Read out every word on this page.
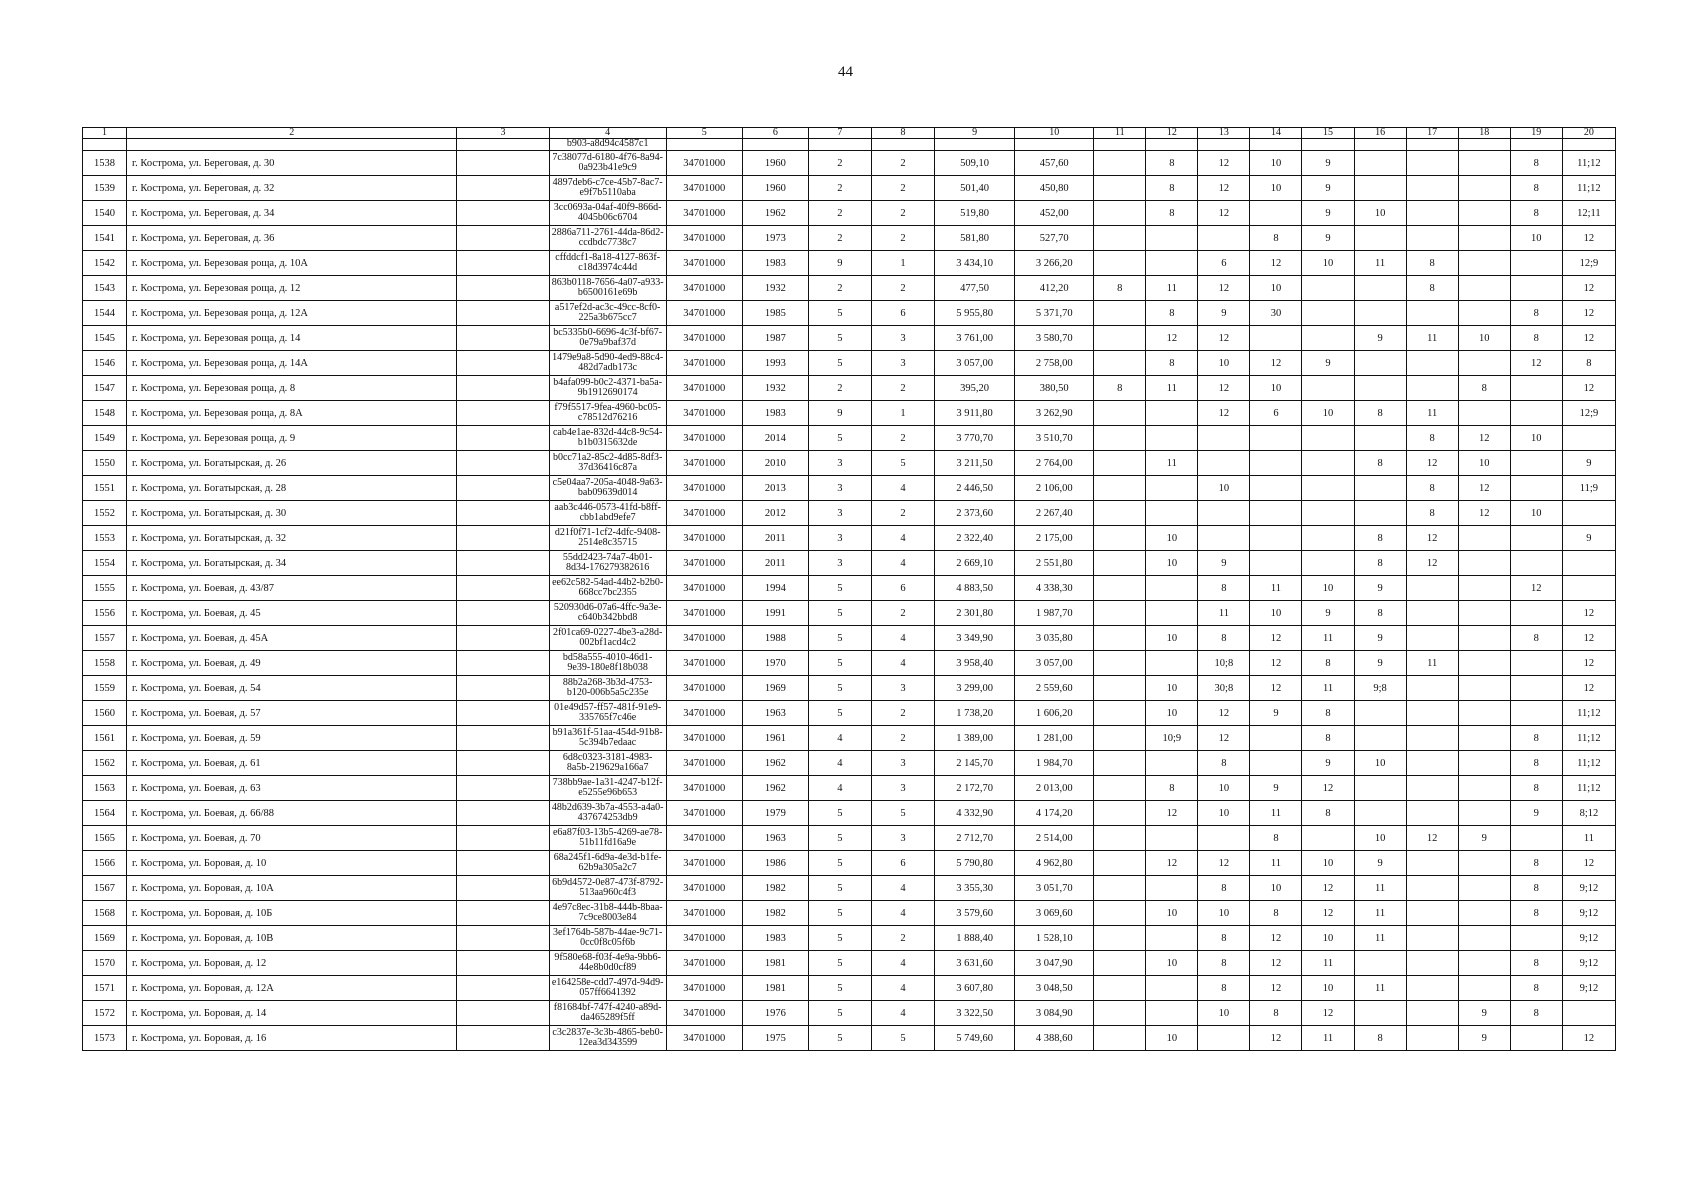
44
1	2	3	4	5	6	7	8	9	10	11	12	13	14	15	16	17	18	19	20
			b903-a8d94c4587c1																
1538	г. Кострома, ул. Береговая, д. 30		7c38077d-6180-4f76-8a94-0a923b41e9c9	34701000	1960	2	2	509,10	457,60		8	12	10	9				8	11;12
1539	г. Кострома, ул. Береговая, д. 32		4897deb6-c7ce-45b7-8ac7-e9f7b5110aba	34701000	1960	2	2	501,40	450,80		8	12	10	9				8	11;12
1540	г. Кострома, ул. Береговая, д. 34		3cc0693a-04af-40f9-866d-4045b06c6704	34701000	1962	2	2	519,80	452,00		8	12		9	10			8	12;11
1541	г. Кострома, ул. Береговая, д. 36		2886a711-2761-44da-86d2-ccdbdc7738c7	34701000	1973	2	2	581,80	527,70				8	9				10	12
1542	г. Кострома, ул. Березовая роща, д. 10А		cffddcf1-8a18-4127-863f-c18d3974c44d	34701000	1983	9	1	3 434,10	3 266,20			6	12	10	11	8			12;9
1543	г. Кострома, ул. Березовая роща, д. 12		863b0118-7656-4a07-a933-b6500161e69b	34701000	1932	2	2	477,50	412,20	8	11	12	10			8			12
1544	г. Кострома, ул. Березовая роща, д. 12А		a517ef2d-ac3c-49cc-8cf0-225a3b675cc7	34701000	1985	5	6	5 955,80	5 371,70		8	9	30					8	12
1545	г. Кострома, ул. Березовая роща, д. 14		bc5335b0-6696-4c3f-bf67-0e79a9baf37d	34701000	1987	5	3	3 761,00	3 580,70		12	12			9	11	10	8	12
1546	г. Кострома, ул. Березовая роща, д. 14А		1479e9a8-5d90-4ed9-88c4-482d7adb173c	34701000	1993	5	3	3 057,00	2 758,00		8	10	12	9				12	8
1547	г. Кострома, ул. Березовая роща, д. 8		b4afa099-b0c2-4371-ba5a-9b1912690174	34701000	1932	2	2	395,20	380,50	8	11	12	10				8		12
1548	г. Кострома, ул. Березовая роща, д. 8А		f79f5517-9fea-4960-bc05-c78512d76216	34701000	1983	9	1	3 911,80	3 262,90			12	6	10	8	11			12;9
1549	г. Кострома, ул. Березовая роща, д. 9		cab4e1ae-832d-44c8-9c54-b1b0315632de	34701000	2014	5	2	3 770,70	3 510,70							8	12	10	
1550	г. Кострома, ул. Богатырская, д. 26		b0cc71a2-85c2-4d85-8df3-37d36416c87a	34701000	2010	3	5	3 211,50	2 764,00		11				8	12	10		9
1551	г. Кострома, ул. Богатырская, д. 28		c5e04aa7-205a-4048-9a63-bab09639d014	34701000	2013	3	4	2 446,50	2 106,00			10				8	12		11;9
1552	г. Кострома, ул. Богатырская, д. 30		aab3c446-0573-41fd-b8ff-cbb1abd9efe7	34701000	2012	3	2	2 373,60	2 267,40							8	12	10	
1553	г. Кострома, ул. Богатырская, д. 32		d21f0f71-1cf2-4dfc-9408-2514e8c35715	34701000	2011	3	4	2 322,40	2 175,00		10				8	12			9
1554	г. Кострома, ул. Богатырская, д. 34		55dd2423-74a7-4b01-8d34-176279382616	34701000	2011	3	4	2 669,10	2 551,80		10	9			8	12			
1555	г. Кострома, ул. Боевая, д. 43/87		ee62c582-54ad-44b2-b2b0-668cc7bc2355	34701000	1994	5	6	4 883,50	4 338,30			8	11	10	9			12	
1556	г. Кострома, ул. Боевая, д. 45		520930d6-07a6-4ffc-9a3e-c640b342bbd8	34701000	1991	5	2	2 301,80	1 987,70			11	10	9	8				12
1557	г. Кострома, ул. Боевая, д. 45А		2f01ca69-0227-4be3-a28d-002bf1acd4c2	34701000	1988	5	4	3 349,90	3 035,80		10	8	12	11	9			8	12
1558	г. Кострома, ул. Боевая, д. 49		bd58a555-4010-46d1-9e39-180e8f18b038	34701000	1970	5	4	3 958,40	3 057,00			10;8	12	8	9	11			12
1559	г. Кострома, ул. Боевая, д. 54		88b2a268-3b3d-4753-b120-006b5a5c235e	34701000	1969	5	3	3 299,00	2 559,60		10	30;8	12	11	9;8				12
1560	г. Кострома, ул. Боевая, д. 57		01e49d57-ff57-481f-91e9-335765f7c46e	34701000	1963	5	2	1 738,20	1 606,20		10	12	9	8					11;12
1561	г. Кострома, ул. Боевая, д. 59		b91a361f-51aa-454d-91b8-5c394b7edaac	34701000	1961	4	2	1 389,00	1 281,00		10;9	12		8				8	11;12
1562	г. Кострома, ул. Боевая, д. 61		6d8c0323-3181-4983-8a5b-219629a166a7	34701000	1962	4	3	2 145,70	1 984,70			8		9	10			8	11;12
1563	г. Кострома, ул. Боевая, д. 63		738bb9ae-1a31-4247-b12f-e5255e96b653	34701000	1962	4	3	2 172,70	2 013,00		8	10	9	12				8	11;12
1564	г. Кострома, ул. Боевая, д. 66/88		48b2d639-3b7a-4553-a4a0-437674253db9	34701000	1979	5	5	4 332,90	4 174,20		12	10	11	8				9	8;12
1565	г. Кострома, ул. Боевая, д. 70		e6a87f03-13b5-4269-ae78-51b11fd16a9e	34701000	1963	5	3	2 712,70	2 514,00				8		10	12	9		11
1566	г. Кострома, ул. Боровая, д. 10		68a245f1-6d9a-4e3d-b1fe-62b9a305a2c7	34701000	1986	5	6	5 790,80	4 962,80		12	12	11	10	9			8	12
1567	г. Кострома, ул. Боровая, д. 10А		6b9d4572-0e87-473f-8792-513aa960c4f3	34701000	1982	5	4	3 355,30	3 051,70			8	10	12	11			8	9;12
1568	г. Кострома, ул. Боровая, д. 10Б		4e97c8ec-31b8-444b-8baa-7c9ce8003e84	34701000	1982	5	4	3 579,60	3 069,60		10	10	8	12	11			8	9;12
1569	г. Кострома, ул. Боровая, д. 10В		3ef1764b-587b-44ae-9c71-0cc0f8c05f6b	34701000	1983	5	2	1 888,40	1 528,10			8	12	10	11				9;12
1570	г. Кострома, ул. Боровая, д. 12		9f580e68-f03f-4e9a-9bb6-44e8b0d0cf89	34701000	1981	5	4	3 631,60	3 047,90		10	8	12	11				8	9;12
1571	г. Кострома, ул. Боровая, д. 12А		e164258e-cdd7-497d-94d9-057ff6641392	34701000	1981	5	4	3 607,80	3 048,50			8	12	10	11			8	9;12
1572	г. Кострома, ул. Боровая, д. 14		f81684bf-747f-4240-a89d-da465289f5ff	34701000	1976	5	4	3 322,50	3 084,90			10	8	12			9	8	
1573	г. Кострома, ул. Боровая, д. 16		c3c2837e-3c3b-4865-beb0-12ea3d343599	34701000	1975	5	5	5 749,60	4 388,60		10		12	11	8		9		12
